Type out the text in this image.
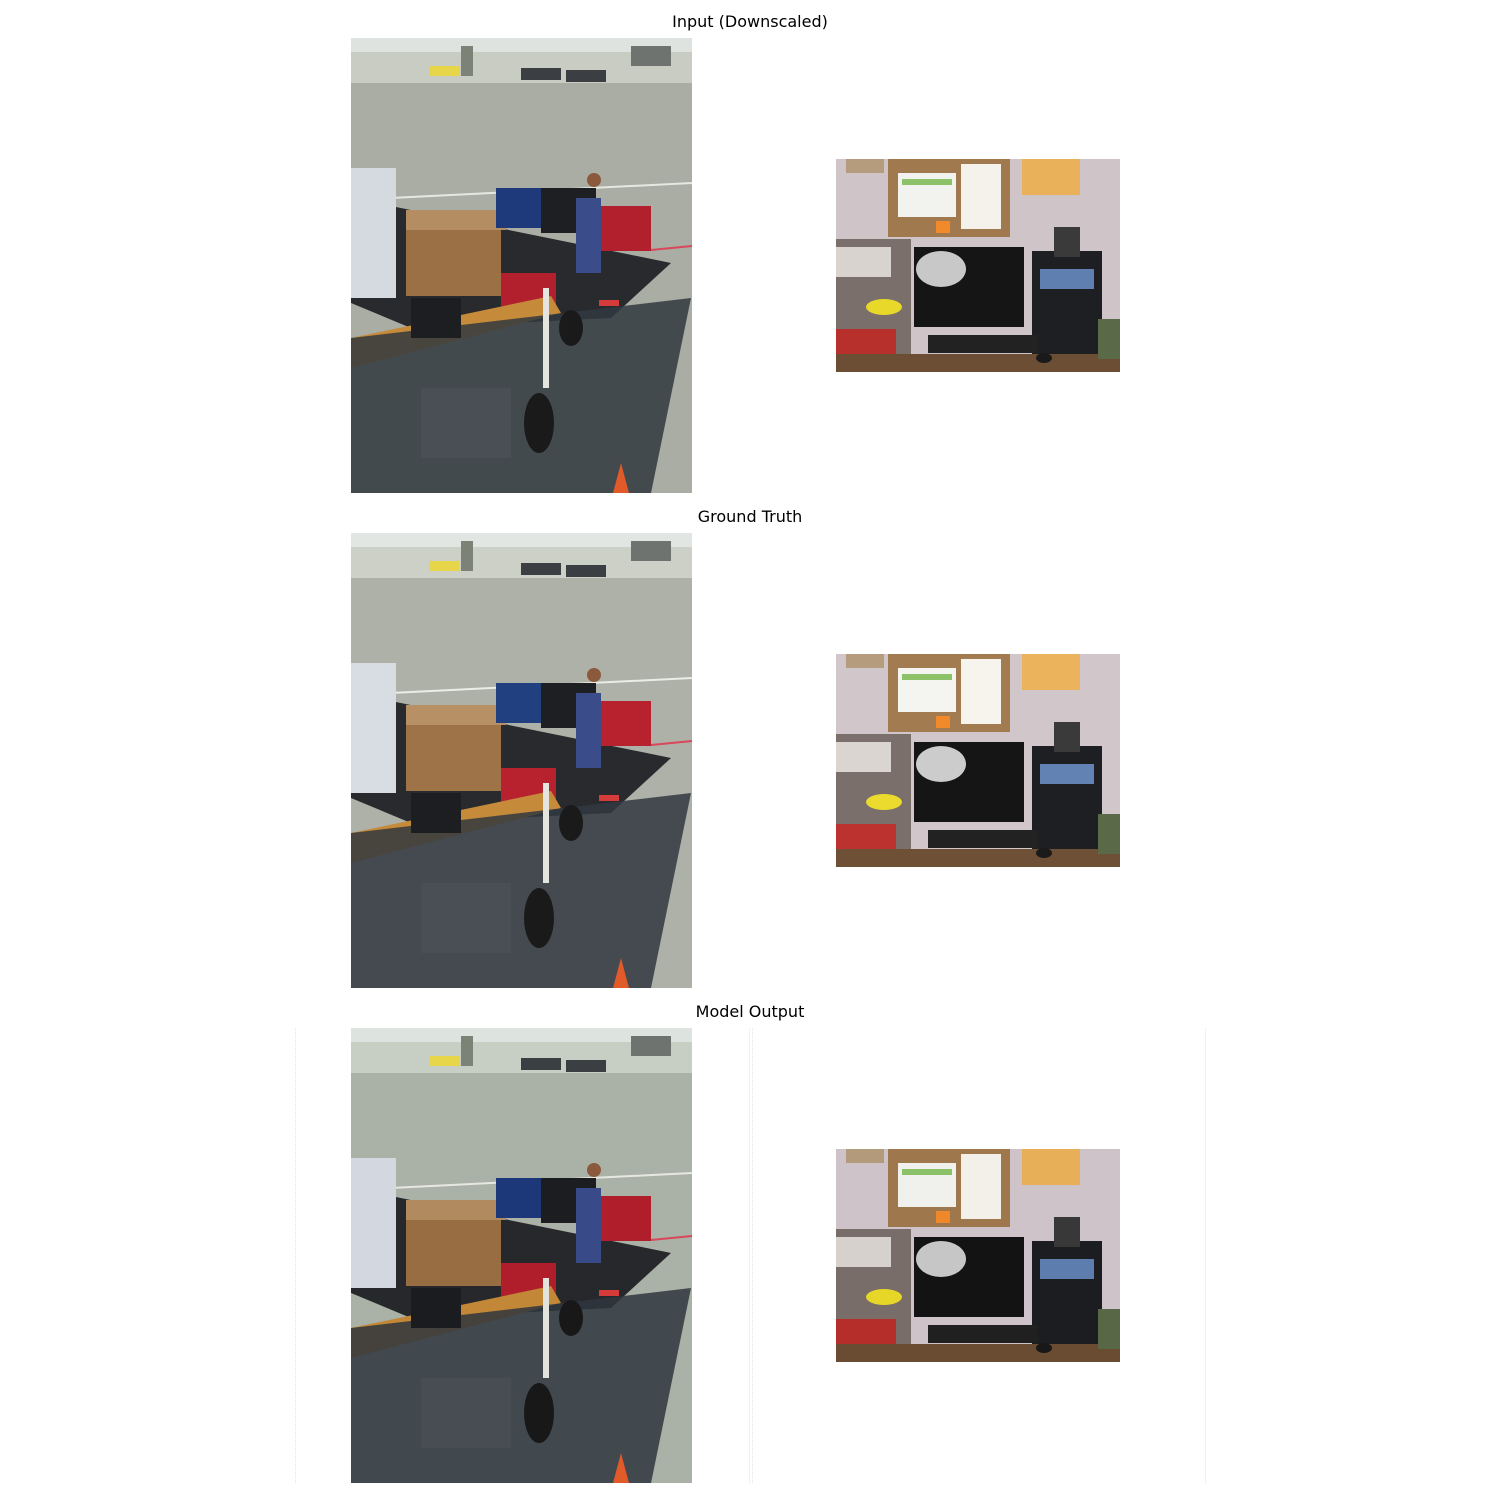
Input (Downscaled)
Ground Truth
Model Output
